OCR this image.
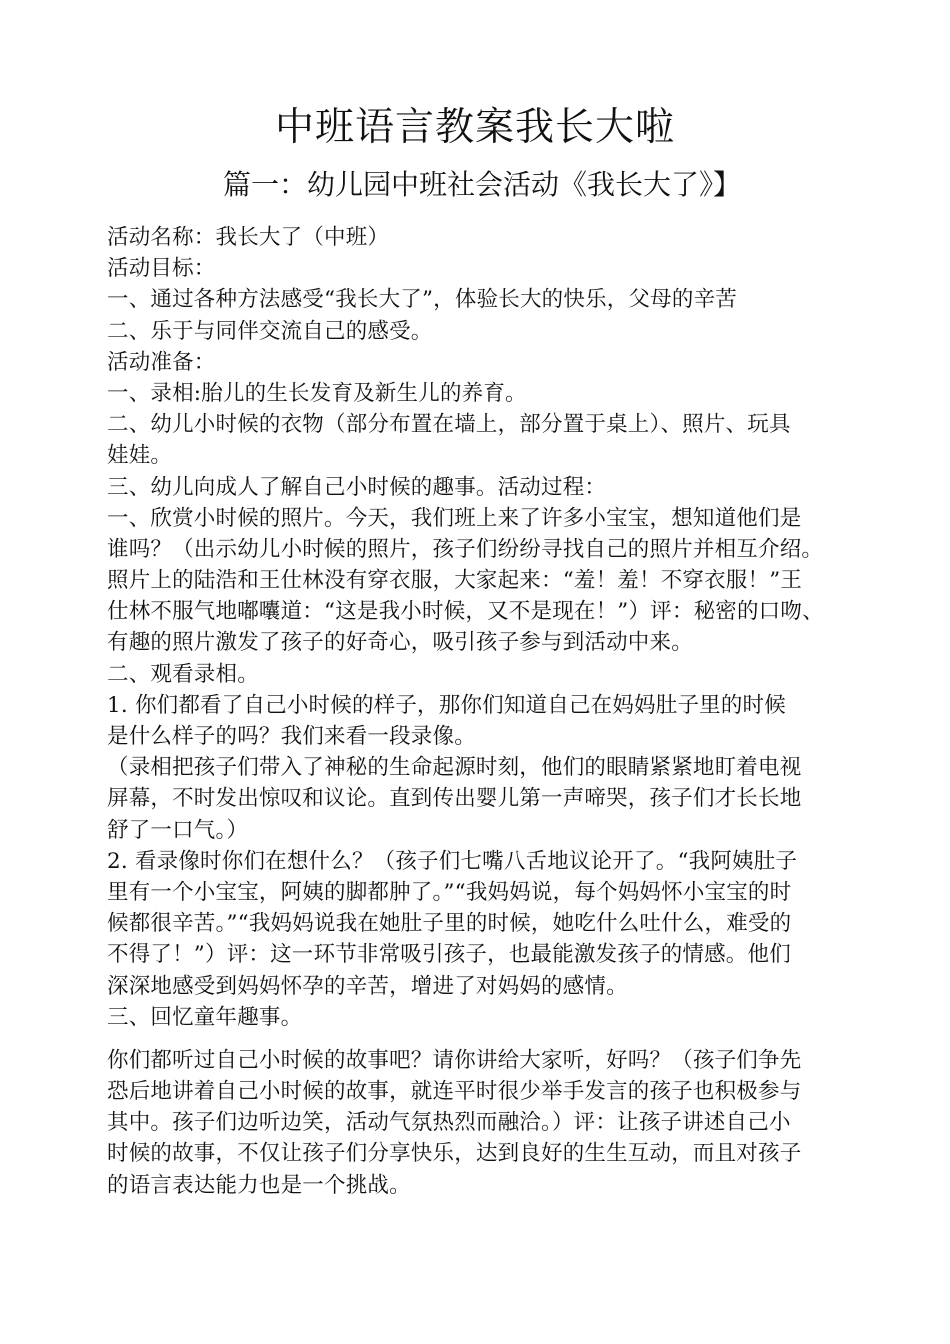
中班语言教案我长大啦
篇一：幼儿园中班社会活动《我长大了》】
活动名称：我长大了（中班）
活动目标：
一、通过各种方法感受“我长大了”，体验长大的快乐，父母的辛苦
二、乐于与同伴交流自己的感受。
活动准备：
一、录相:胎儿的生长发育及新生儿的养育。
二、幼儿小时候的衣物（部分布置在墙上，部分置于桌上）、照片、玩具
娃娃。
三、幼儿向成人了解自己小时候的趣事。活动过程：
一、欣赏小时候的照片。今天，我们班上来了许多小宝宝，想知道他们是
谁吗？（出示幼儿小时候的照片，孩子们纷纷寻找自己的照片并相互介绍。
照片上的陆浩和王仕林没有穿衣服，大家起来：“羞！羞！不穿衣服！”王
仕林不服气地嘟囔道：“这是我小时候，又不是现在！”）评：秘密的口吻、
有趣的照片激发了孩子的好奇心，吸引孩子参与到活动中来。
二、观看录相。
1. 你们都看了自己小时候的样子，那你们知道自己在妈妈肚子里的时候
是什么样子的吗？我们来看一段录像。
（录相把孩子们带入了神秘的生命起源时刻，他们的眼睛紧紧地盯着电视
屏幕，不时发出惊叹和议论。直到传出婴儿第一声啼哭，孩子们才长长地
舒了一口气。）
2. 看录像时你们在想什么？（孩子们七嘴八舌地议论开了。“我阿姨肚子
里有一个小宝宝，阿姨的脚都肿了。”“我妈妈说，每个妈妈怀小宝宝的时
候都很辛苦。”“我妈妈说我在她肚子里的时候，她吃什么吐什么，难受的
不得了！”）评：这一环节非常吸引孩子，也最能激发孩子的情感。他们
深深地感受到妈妈怀孕的辛苦，增进了对妈妈的感情。
三、回忆童年趣事。
你们都听过自己小时候的故事吧？请你讲给大家听，好吗？（孩子们争先
恐后地讲着自己小时候的故事，就连平时很少举手发言的孩子也积极参与
其中。孩子们边听边笑，活动气氛热烈而融洽。）评：让孩子讲述自己小
时候的故事，不仅让孩子们分享快乐，达到良好的生生互动，而且对孩子
的语言表达能力也是一个挑战。
